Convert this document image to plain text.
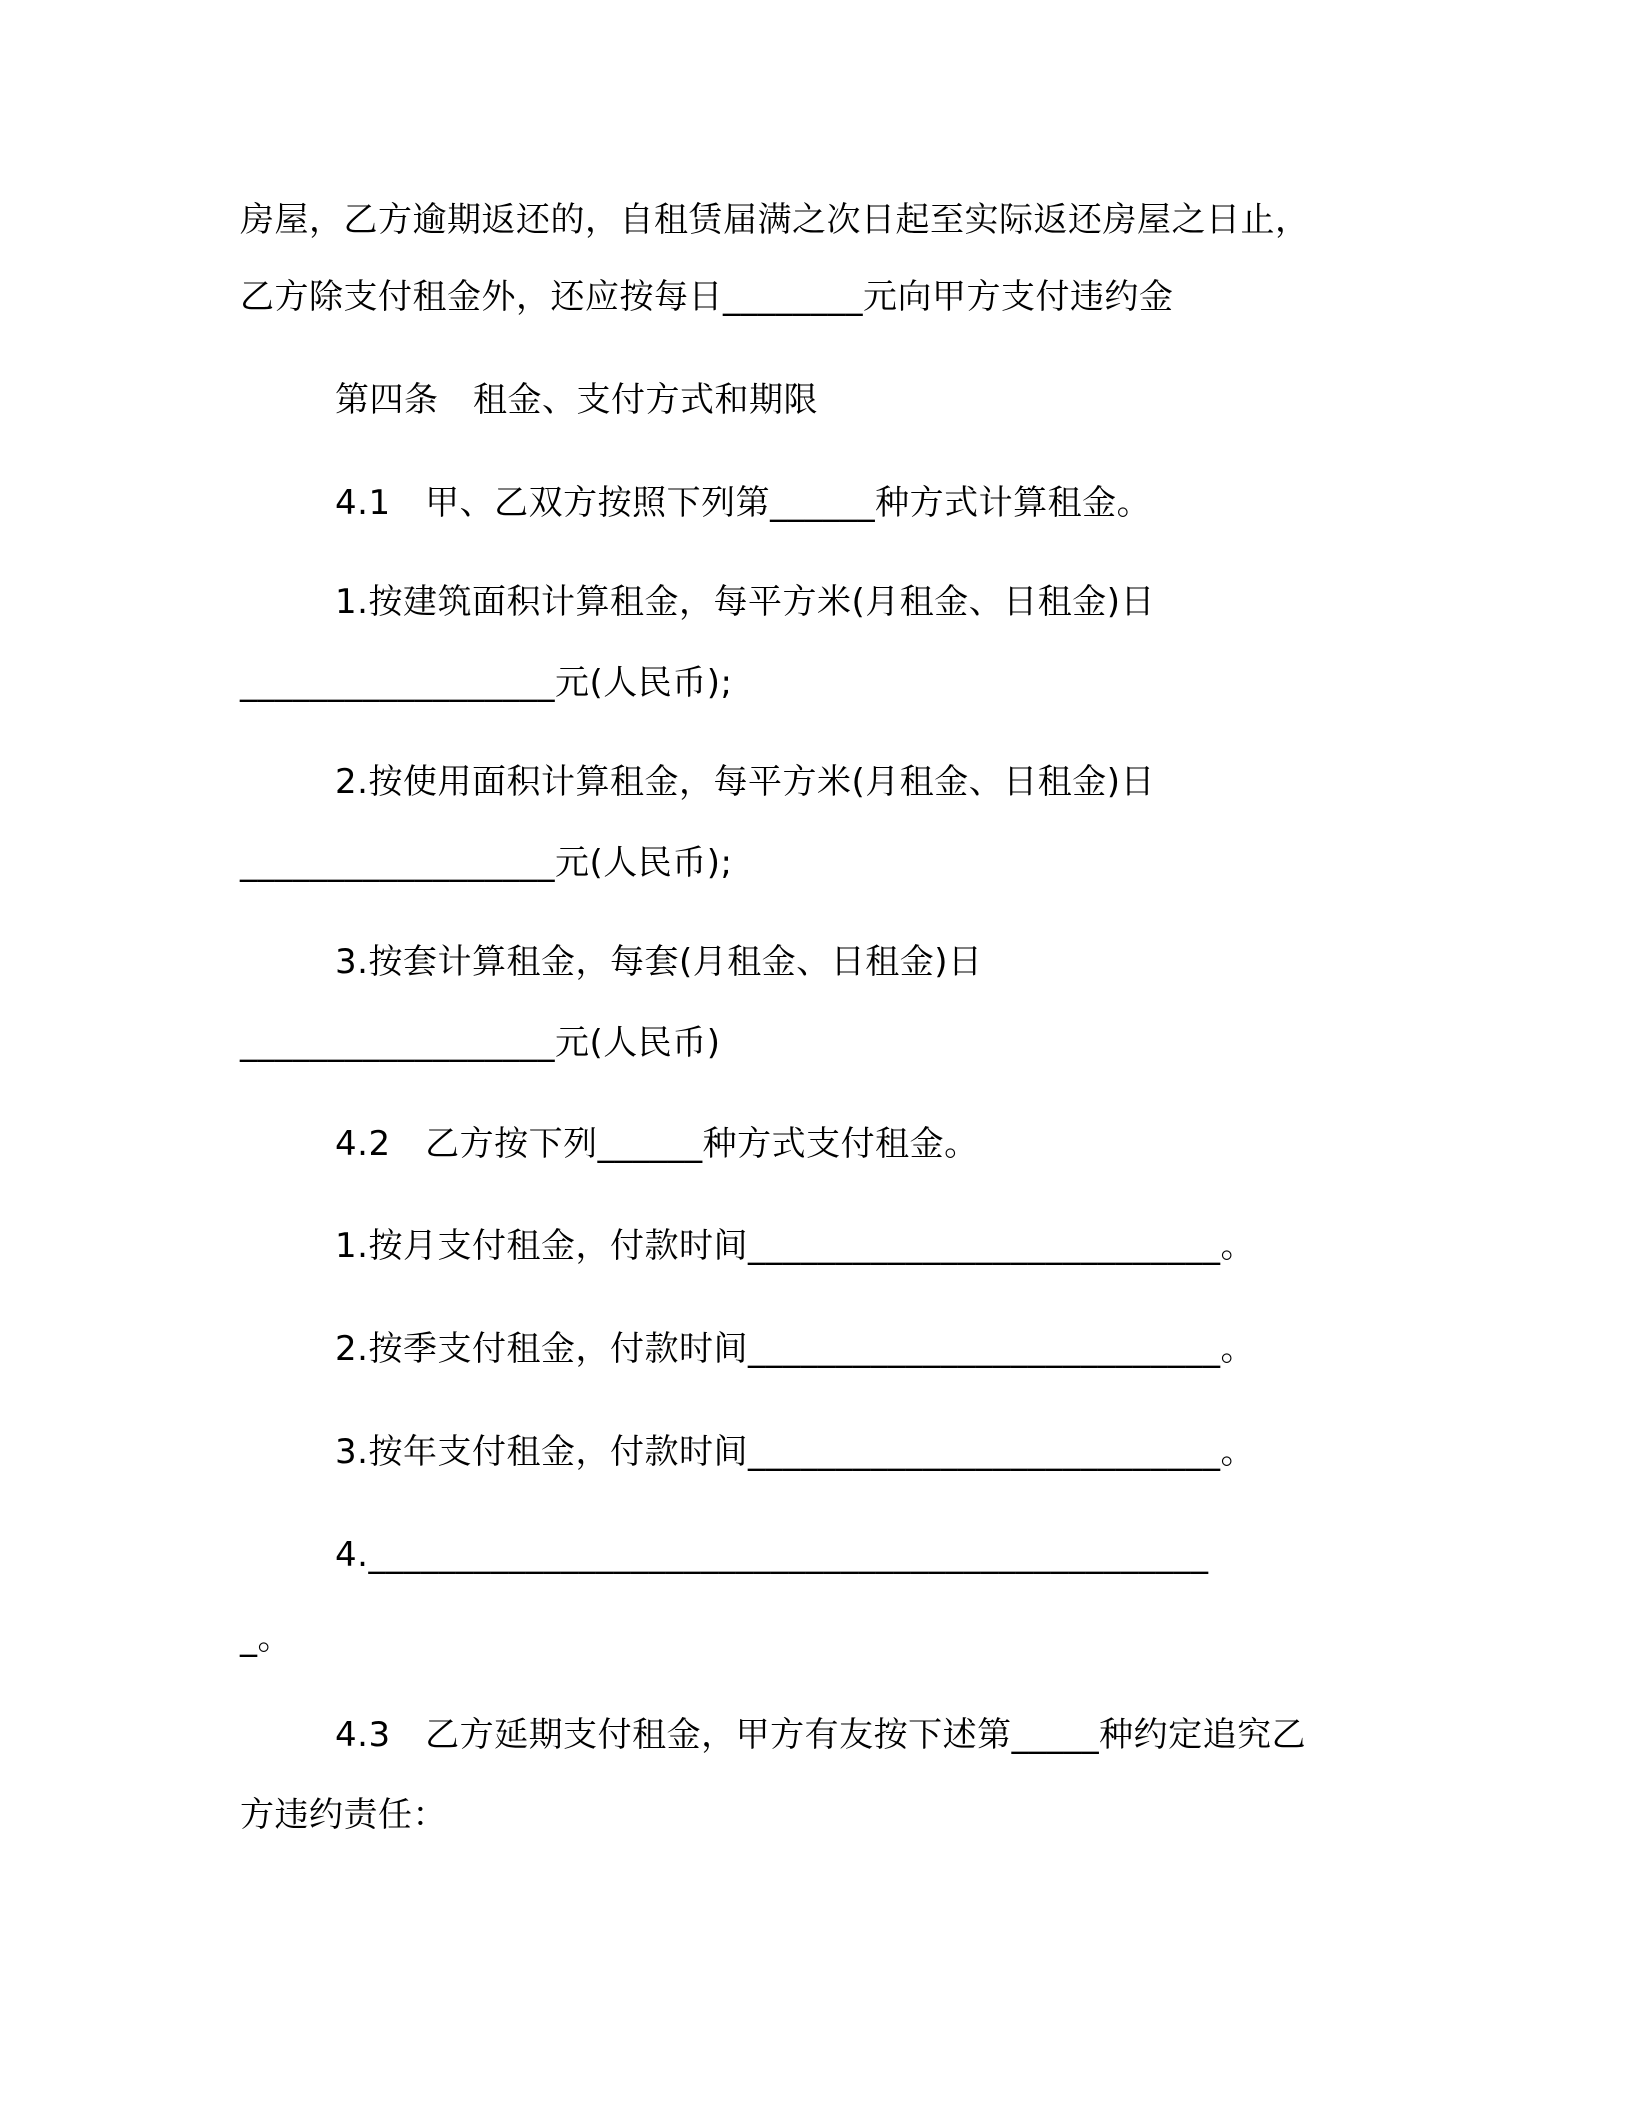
房屋，乙方逾期返还的，自租赁届满之次日起至实际返还房屋之日止，
乙方除支付租金外，还应按每日________元向甲方支付违约金
第四条　租金、支付方式和期限
4.1　甲、乙双方按照下列第______种方式计算租金。
1.按建筑面积计算租金，每平方米(月租金、日租金)日
__________________元(人民币);
2.按使用面积计算租金，每平方米(月租金、日租金)日
__________________元(人民币);
3.按套计算租金，每套(月租金、日租金)日
__________________元(人民币)
4.2　乙方按下列______种方式支付租金。
1.按月支付租金，付款时间___________________________。
2.按季支付租金，付款时间___________________________。
3.按年支付租金，付款时间___________________________。
4.________________________________________________
_。
4.3　乙方延期支付租金，甲方有友按下述第_____种约定追究乙
方违约责任：
